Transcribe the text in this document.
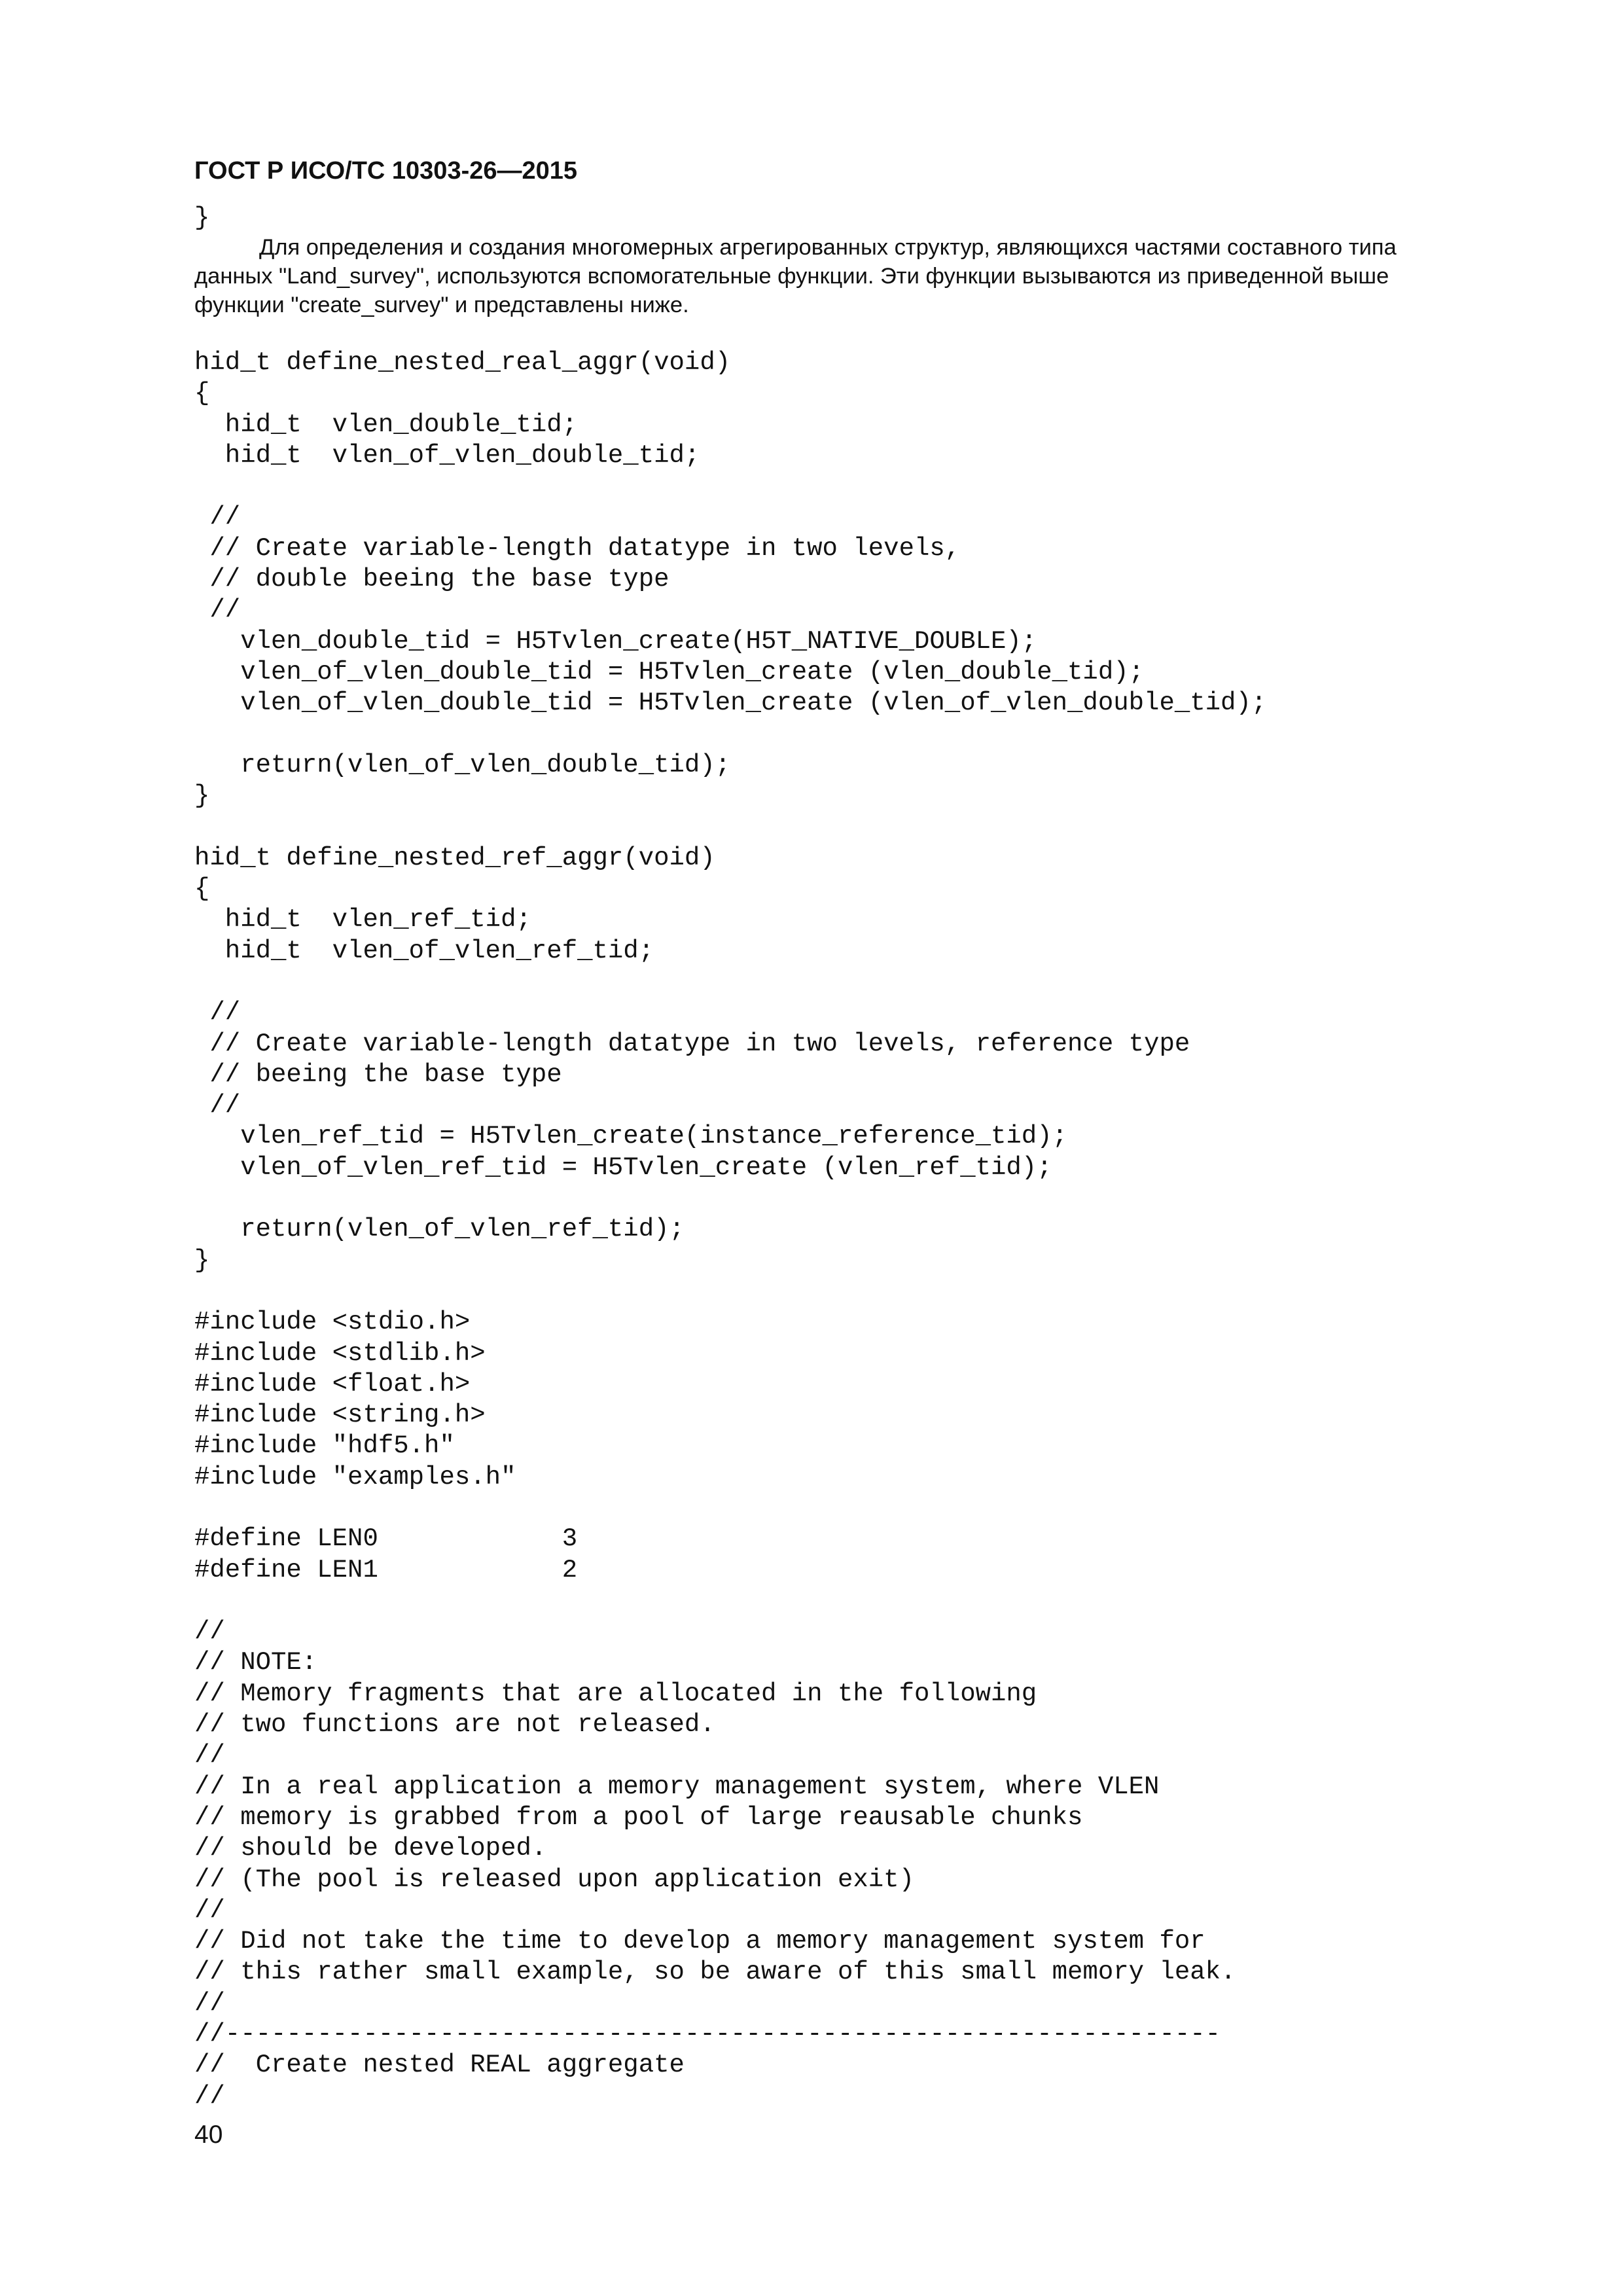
ГОСТ Р ИСО/ТС 10303-26—2015
}
Для определения и создания многомерных агрегированных структур, являющихся частями составного типа
данных "Land_survey", используются вспомогательные функции. Эти функции вызываются из приведенной выше
функции "create_survey" и представлены ниже.
hid_t define_nested_real_aggr(void)
{
hid_t  vlen_double_tid;
hid_t  vlen_of_vlen_double_tid;

//
// Create variable-length datatype in two levels,
// double beeing the base type
//
vlen_double_tid = H5Tvlen_create(H5T_NATIVE_DOUBLE);
vlen_of_vlen_double_tid = H5Tvlen_create (vlen_double_tid);
vlen_of_vlen_double_tid = H5Tvlen_create (vlen_of_vlen_double_tid);

return(vlen_of_vlen_double_tid);
}

hid_t define_nested_ref_aggr(void)
{
hid_t  vlen_ref_tid;
hid_t  vlen_of_vlen_ref_tid;

//
// Create variable-length datatype in two levels, reference type
// beeing the base type
//
vlen_ref_tid = H5Tvlen_create(instance_reference_tid);
vlen_of_vlen_ref_tid = H5Tvlen_create (vlen_ref_tid);

return(vlen_of_vlen_ref_tid);
}

#include <stdio.h>
#include <stdlib.h>
#include <float.h>
#include <string.h>
#include "hdf5.h"
#include "examples.h"

#define LEN0            3
#define LEN1            2

//
// NOTE:
// Memory fragments that are allocated in the following
// two functions are not released.
//
// In a real application a memory management system, where VLEN
// memory is grabbed from a pool of large reausable chunks
// should be developed.
// (The pool is released upon application exit)
//
// Did not take the time to develop a memory management system for
// this rather small example, so be aware of this small memory leak.
//
//-----------------------------------------------------------------
//  Create nested REAL aggregate
//
40
